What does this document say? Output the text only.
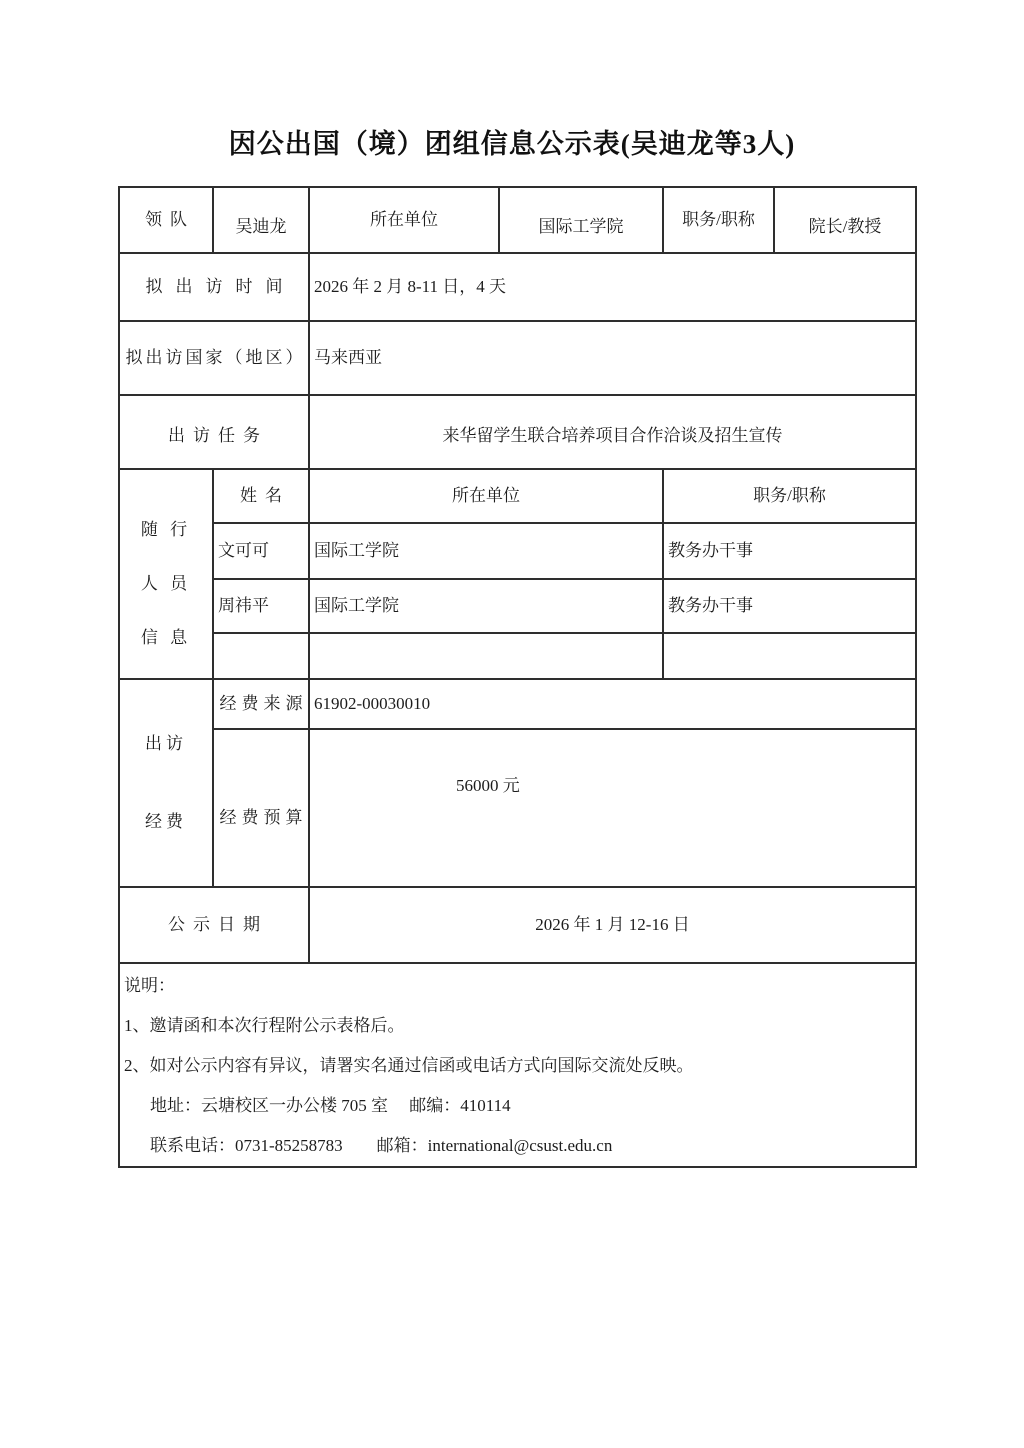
因公出国（境）团组信息公示表(吴迪龙等3人)
领队	吴迪龙	所在单位	国际工学院	职务/职称	院长/教授
拟出访时间		2026 年 2 月 8-11 日，4 天			
拟出访国家（地区）		马来西亚			
出访任务		来华留学生联合培养项目合作洽谈及招生宣传			

随 行
人 员
信 息	姓名	所在单位		职务/职称	
	文可可	国际工学院		教务办干事	
	周祎平	国际工学院		教务办干事	

出访
经费	经费来源	61902-00030010			
	经费预算	56000 元			
公示日期		2026 年 1 月 12-16 日			

说明：
1、邀请函和本次行程附公示表格后。
2、如对公示内容有异议，请署实名通过信函或电话方式向国际交流处反映。
地址：云塘校区一办公楼 705 室　 邮编：410114
联系电话：0731-85258783　　邮箱：international@csust.edu.cn					
